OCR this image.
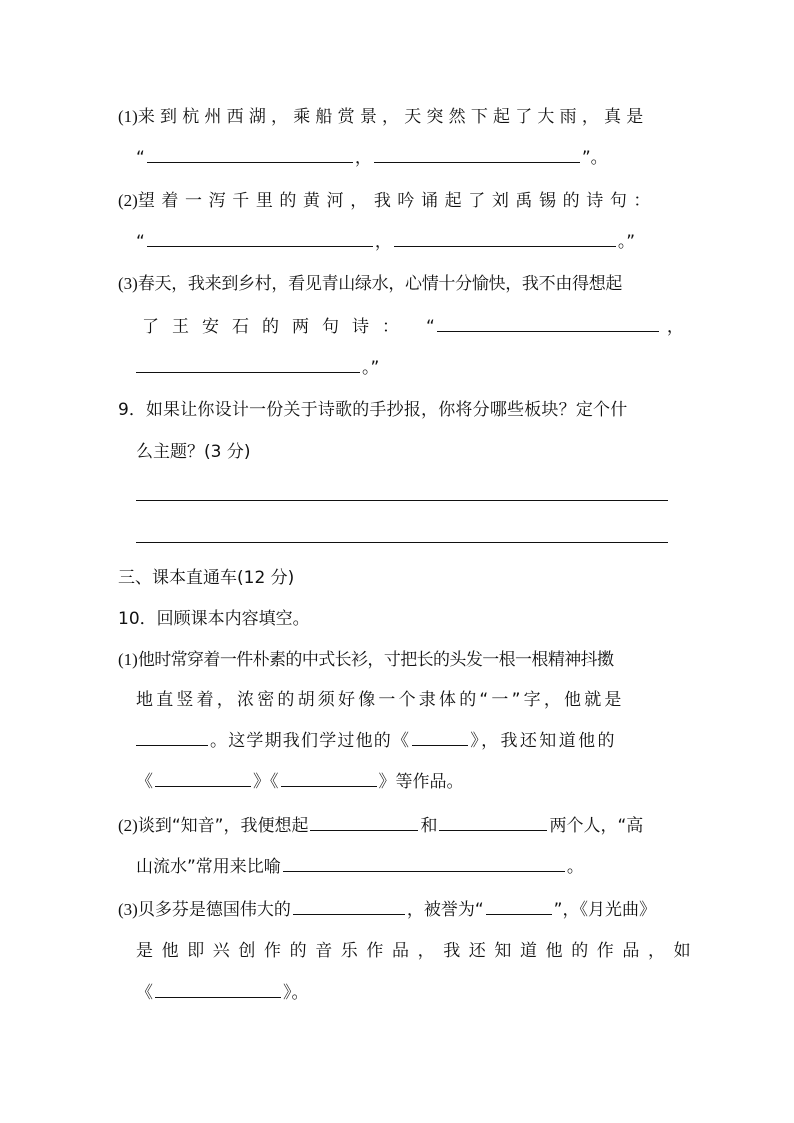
(1)来到杭州西湖，乘船赏景，天突然下起了大雨，真是
“	，	”。
(2)望着一泻千里的黄河，我吟诵起了刘禹锡的诗句：
“	，	。”
(3)春天，我来到乡村，看见青山绿水，心情十分愉快，我不由得想起
了王安石的两句诗： “	，
。”
9．如果让你设计一份关于诗歌的手抄报，你将分哪些板块？定个什
么主题？(3 分)
三、课本直通车(12 分)
10．回顾课本内容填空。
(1)他时常穿着一件朴素的中式长衫，寸把长的头发一根一根精神抖擞
地直竖着，浓密的胡须好像一个隶体的“一”字，他就是
。这学期我们学过他的《	》，我还知道他的
《	》《	》等作品。
(2)谈到“知音”，我便想起	和	两个人，“高
山流水”常用来比喻	。
(3)贝多芬是德国伟大的	，被誉为“	”，《月光曲》
是他即兴创作的音乐作品，我还知道他的作品，如
《	》。
